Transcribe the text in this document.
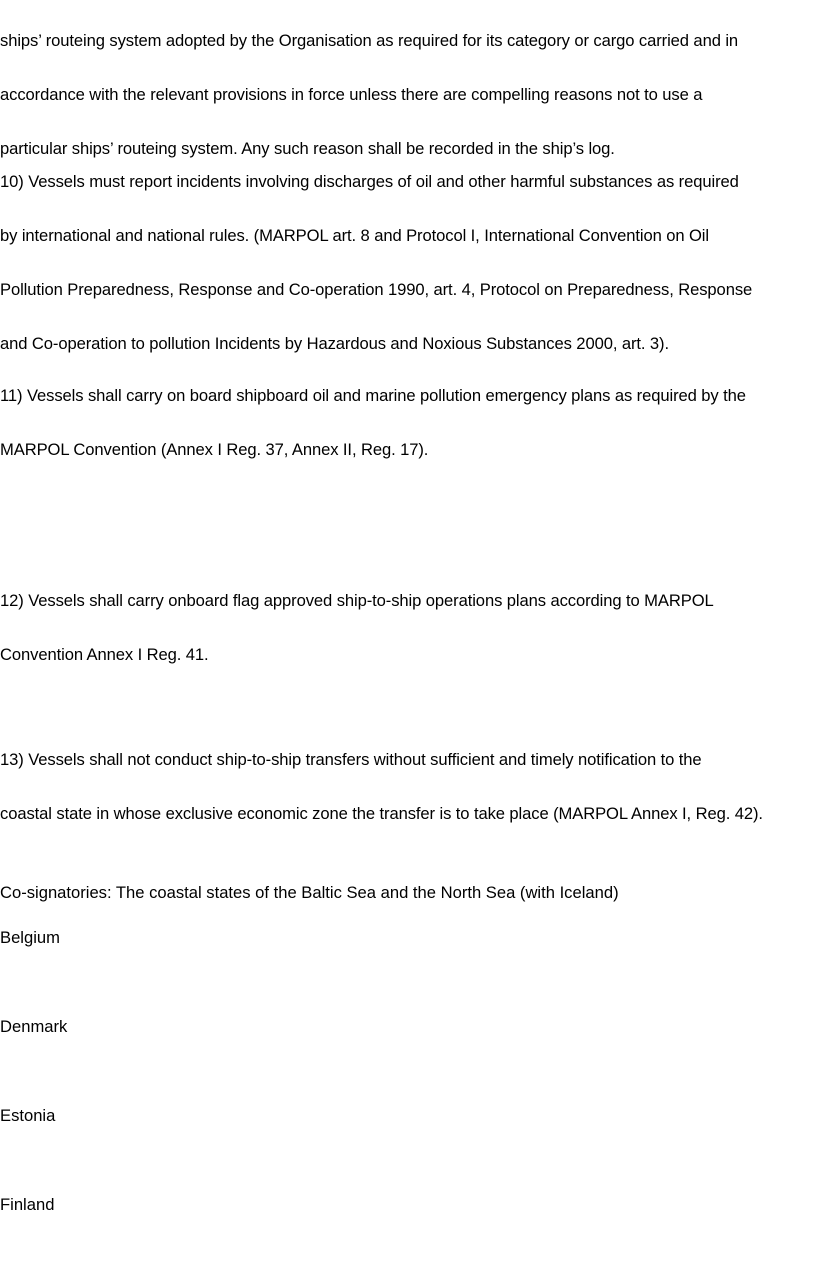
ships’ routeing system adopted by the Organisation as required for its category or cargo carried and in

accordance with the relevant provisions in force unless there are compelling reasons not to use a

particular ships’ routeing system. Any such reason shall be recorded in the ship’s log.

10) Vessels must report incidents involving discharges of oil and other harmful substances as required

by international and national rules. (MARPOL art. 8 and Protocol I, International Convention on Oil

Pollution Preparedness, Response and Co-operation 1990, art. 4, Protocol on Preparedness, Response

and Co-operation to pollution Incidents by Hazardous and Noxious Substances 2000, art. 3).

11) Vessels shall carry on board shipboard oil and marine pollution emergency plans as required by the

MARPOL Convention (Annex I Reg. 37, Annex II, Reg. 17).

12) Vessels shall carry onboard flag approved ship-to-ship operations plans according to MARPOL

Convention Annex I Reg. 41.

13) Vessels shall not conduct ship-to-ship transfers without sufficient and timely notification to the

coastal state in whose exclusive economic zone the transfer is to take place (MARPOL Annex I, Reg. 42).

Co-signatories: The coastal states of the Baltic Sea and the North Sea (with Iceland)

Belgium

Denmark

Estonia

Finland
